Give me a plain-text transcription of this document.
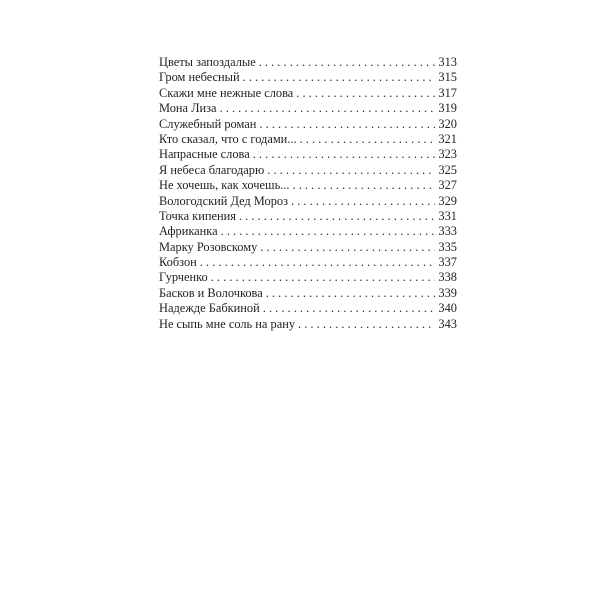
Цветы запоздалые . . .	313
Гром небесный . . .	315
Скажи мне нежные слова . . .	317
Мона Лиза . . .	319
Служебный роман . . .	320
Кто сказал, что с годами... . . .	321
Напрасные слова . . .	323
Я небеса благодарю . . .	325
Не хочешь, как хочешь... . . .	327
Вологодский Дед Мороз . . .	329
Точка кипения . . .	331
Африканка . . .	333
Марку Розовскому . . .	335
Кобзон . . .	337
Гурченко . . .	338
Басков и Волочкова . . .	339
Надежде Бабкиной . . .	340
Не сыпь мне соль на рану . . .	343
